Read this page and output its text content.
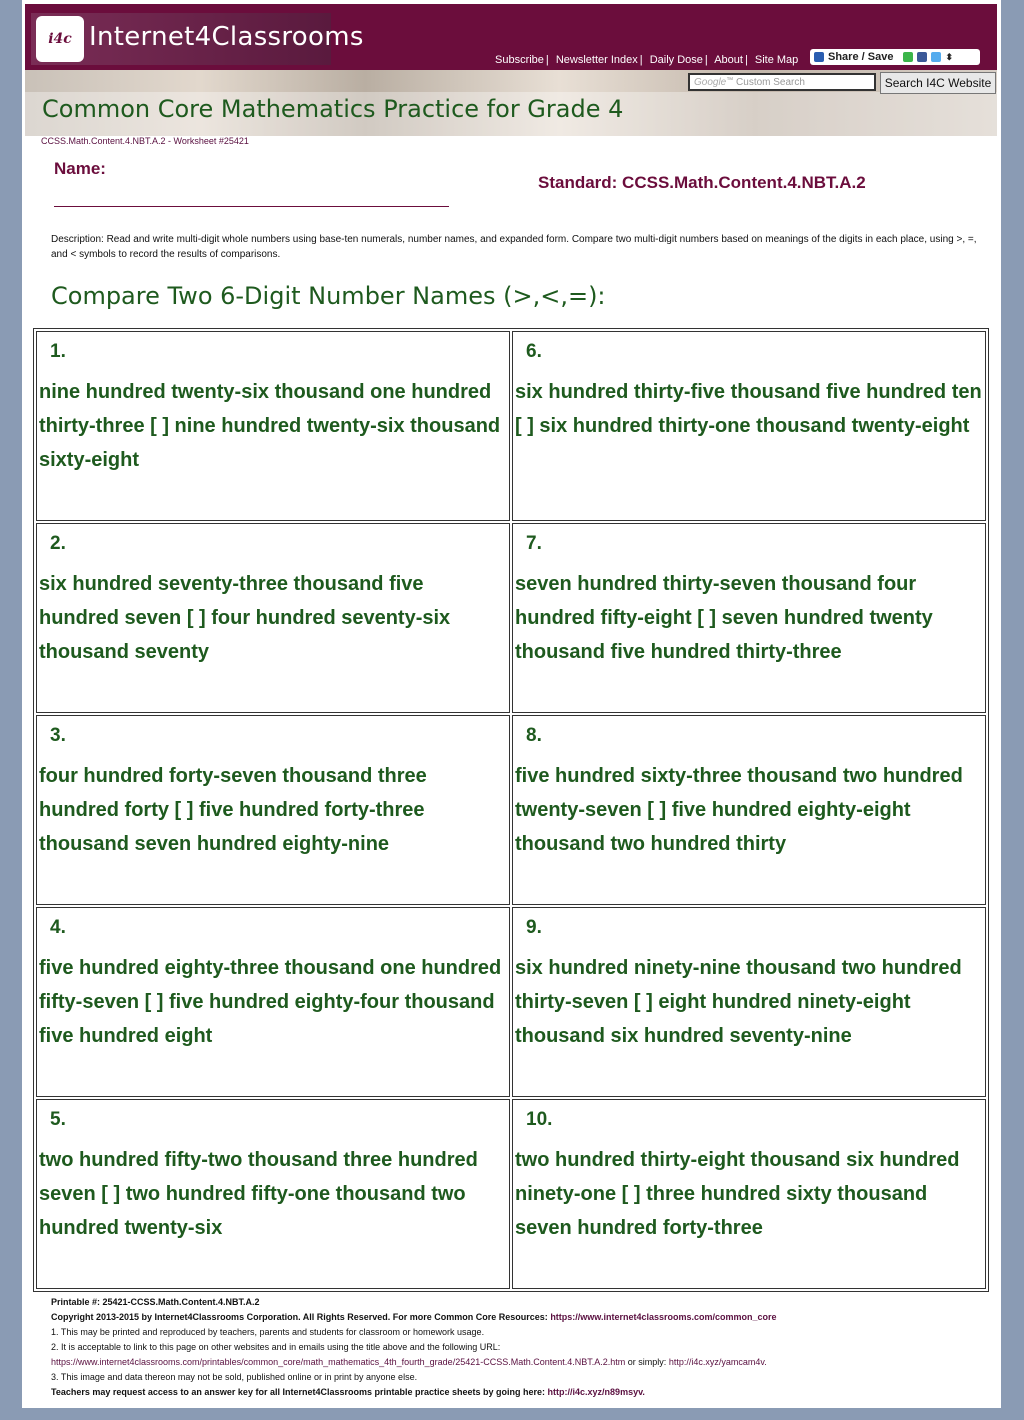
i4c Internet4Classrooms
Subscribe | Newsletter Index | Daily Dose | About | Site Map	Share / Save	⬍
Google™ Custom Search	Search I4C Website
Common Core Mathematics Practice for Grade 4
CCSS.Math.Content.4.NBT.A.2 - Worksheet #25421
Name:
Standard: CCSS.Math.Content.4.NBT.A.2
Description: Read and write multi-digit whole numbers using base-ten numerals, number names, and expanded form. Compare two multi-digit numbers based on meanings of the digits in each place, using >, =, and < symbols to record the results of comparisons.
Compare Two 6-Digit Number Names (>,<,=):
1.
nine hundred twenty-six thousand one hundred thirty-three [ ] nine hundred twenty-six thousand sixty-eight
2.
six hundred seventy-three thousand five hundred seven [ ] four hundred seventy-six thousand seventy
3.
four hundred forty-seven thousand three hundred forty [ ] five hundred forty-three thousand seven hundred eighty-nine
4.
five hundred eighty-three thousand one hundred fifty-seven [ ] five hundred eighty-four thousand five hundred eight
5.
two hundred fifty-two thousand three hundred seven [ ] two hundred fifty-one thousand two hundred twenty-six
6.
six hundred thirty-five thousand five hundred ten [ ] six hundred thirty-one thousand twenty-eight
7.
seven hundred thirty-seven thousand four hundred fifty-eight [ ] seven hundred twenty thousand five hundred thirty-three
8.
five hundred sixty-three thousand two hundred twenty-seven [ ] five hundred eighty-eight thousand two hundred thirty
9.
six hundred ninety-nine thousand two hundred thirty-seven [ ] eight hundred ninety-eight thousand six hundred seventy-nine
10.
two hundred thirty-eight thousand six hundred ninety-one [ ] three hundred sixty thousand seven hundred forty-three
Printable #: 25421-CCSS.Math.Content.4.NBT.A.2
Copyright 2013-2015 by Internet4Classrooms Corporation. All Rights Reserved. For more Common Core Resources: https://www.internet4classrooms.com/common_core
1. This may be printed and reproduced by teachers, parents and students for classroom or homework usage.
2. It is acceptable to link to this page on other websites and in emails using the title above and the following URL:
https://www.internet4classrooms.com/printables/common_core/math_mathematics_4th_fourth_grade/25421-CCSS.Math.Content.4.NBT.A.2.htm or simply: http://i4c.xyz/yamcam4v.
3. This image and data thereon may not be sold, published online or in print by anyone else.
Teachers may request access to an answer key for all Internet4Classrooms printable practice sheets by going here: http://i4c.xyz/n89msyv.
